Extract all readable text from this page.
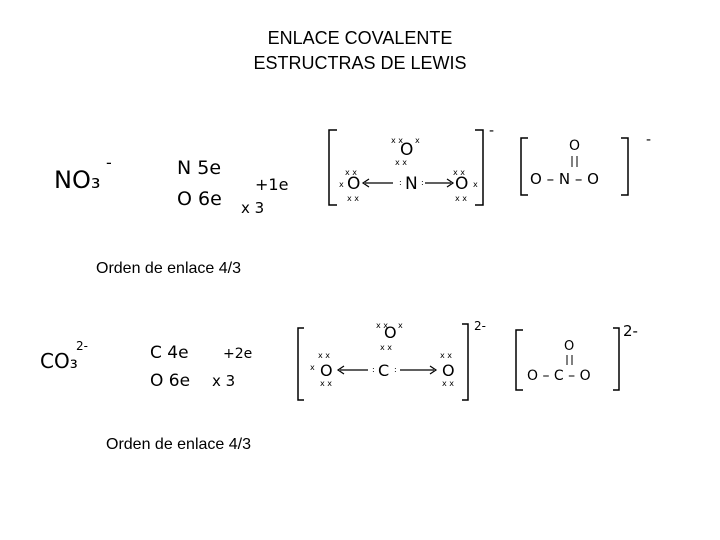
ENLACE COVALENTE
ESTRUCTRAS DE LEWIS
NO₃
-	N 5e
O 6e
+1e
x 3
-
O
O	N O
x x x
x x
x x
x
x x
x x
x
x x
: :
-
O
O – N – O
Orden de enlace 4/3
CO₃
2-	C 4e
O 6e
+2e
x 3
2-
O
O	C	O
x x x
x x
x x
x
x x
x x
x x
: :
2-
O
O – C – O
Orden de enlace 4/3
